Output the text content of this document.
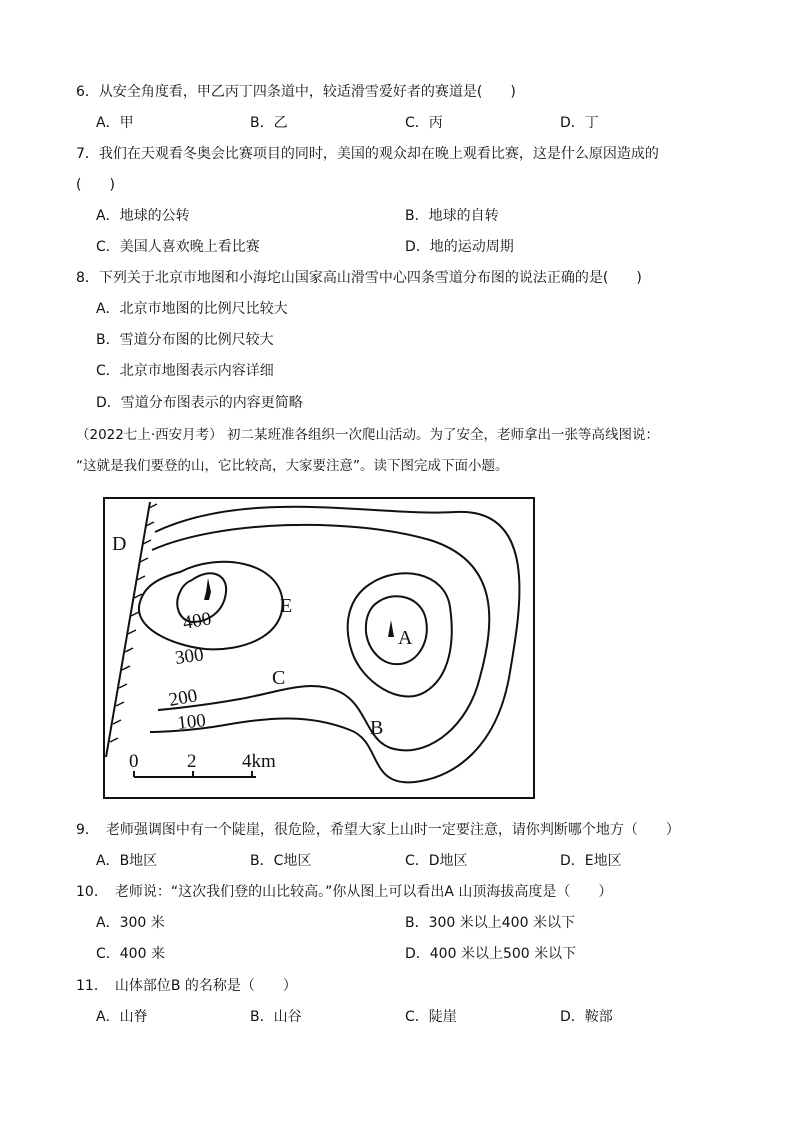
6．从安全角度看，甲乙丙丁四条道中，较适滑雪爱好者的赛道是(　　)
A．甲	B．乙	C．丙	D．丁
7．我们在天观看冬奥会比赛项目的同时，美国的观众却在晚上观看比赛，这是什么原因造成的
(　　)
A．地球的公转	B．地球的自转
C．美国人喜欢晚上看比赛	D．地的运动周期
8．下列关于北京市地图和小海坨山国家高山滑雪中心四条雪道分布图的说法正确的是(　　)
A．北京市地图的比例尺比较大
B．雪道分布图的比例尺较大
C．北京市地图表示内容详细
D．雪道分布图表示的内容更简略
（2022七上·西安月考） 初二某班准各组织一次爬山活动。为了安全，老师拿出一张等高线图说：
“这就是我们要登的山，它比较高，大家要注意”。读下图完成下面小题。
400
300
200
100
D
E
A
C
B
0	2 4km
9．　老师强调图中有一个陡崖，很危险，希望大家上山时一定要注意，请你判断哪个地方（　　）
A．B地区	B．C地区	C．D地区	D．E地区
10．　老师说：“这次我们登的山比较高。”你从图上可以看出A 山顶海拔高度是（　　）
A．300 米	B．300 米以上400 米以下
C．400 来	D．400 米以上500 米以下
11．　山体部位B 的名称是（　　）
A．山脊	B．山谷	C．陡崖	D．鞍部
